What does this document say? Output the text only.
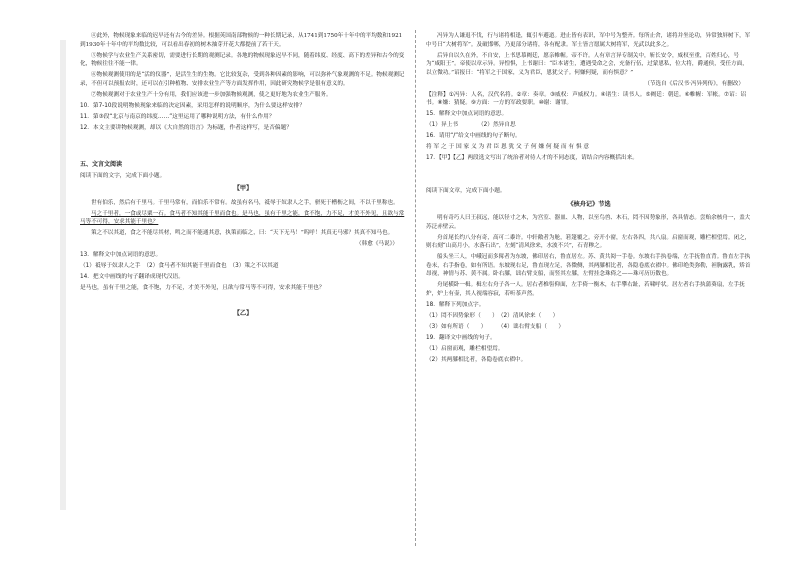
④此外，物候现象来临的迟早还有古今的差异。根据英国南部物候的一种长期记录，从1741到1750年十年中的平均数和1921到1930年十年中的平均数比较，可以看出春初的树木抽芽开花大都提前了若干天。

⑤物候学与农业生产关系密切，需要进行长期的观测记录。各地的物候现象迟早不同，随着纬度、经度、高下的差异和古今的变化，物候往往不能一律。

⑥物候观测使用的是“活的仪器”，是活生生的生物。它比较复杂，受到各种因素的影响，可以弥补气象观测的不足。物候观测记录，不但可以预报农时，还可以在引种植物、安排农业生产等方面发挥作用，因此研究物候学是很有意义的。

⑦物候观测对于农业生产十分有用，我们应该进一步加强物候观测，使之更好地为农业生产服务。

10．第7-10段说明物候现象来临的决定因素，采用怎样的说明顺序，为什么要这样安排？

11．第③段“北京与南京的纬度……”这里运用了哪种说明方法，有什么作用？

12．本文主要讲物候观测，却以《大自然的语言》为标题，作者这样写，是否偏题？

五、文言文阅读

阅读下面的文字，完成下面小题。

【甲】

世有伯乐，然后有千里马。千里马常有，而伯乐不常有。故虽有名马，祗辱于奴隶人之手，骈死于槽枥之间，不以千里称也。

马之千里者，一食或尽粟一石。食马者不知其能千里而食也。是马也，虽有千里之能，食不饱，力不足，才美不外见，且欲与常马等不可得，安求其能千里也？

策之不以其道，食之不能尽其材，鸣之而不能通其意，执策而临之，曰：“天下无马！”呜呼！其真无马邪？其真不知马也。

（韩愈《马说》）

13．解释文中加点词语的意思。

（1）祗辱于奴隶人之手　（2）食马者不知其能千里而食也　（3）策之不以其道

14．把文中画线的句子翻译成现代汉语。

是马也，虽有千里之能，食不饱，力不足，才美不外见，且欲与常马等不可得，安求其能千里也？

【乙】

冯异为人谦退不伐，行与诸将相逢，辄引车避道。进止皆有表识，军中号为整齐。每所止舍，诸将并坐论功，异常独屏树下，军中号曰“大树将军”。及破邯郸，乃更部分诸将，各有配隶。军士皆言愿属大树将军，光武以此多之。

后异自以久在外，不自安，上书思慕阙廷，愿亲帷幄。帝不许。人有章言异专制关中，斩长安令，威权至重，百姓归心，号为“咸阳王”。帝使以章示异。异惶惧，上书谢曰：“臣本诸生，遭遇受命之会，充备行伍，过蒙恩私，位大将，爵通侯，受任方面，以立微功。”诏报曰：“将军之于国家，义为君臣，恩犹父子。何嫌何疑，而有惧意？”

（节选自《后汉书·冯异列传》，有删改）

【注释】①冯异：人名，汉代名将。②章：奏章。③威权：声威权力。④诸生：读书人。⑤阙廷：朝廷。⑥帷幄：军帐。⑦诏：诏书。⑧嫌：猜疑。⑨方面：一方的军政要职。⑩谢：谢罪。

15．解释文中加点词语的意思。

（1）异上书　　　　（2）然异自思

16．请用“/”给文中画线的句子断句。

将 军 之 于 国 家 义 为 君 臣 恩 犹 父 子 何 嫌 何 疑 而 有 惧 意

17．【甲】【乙】两段选文写出了统治者对待人才的不同态度，请结合内容概括出来。

阅读下面文章，完成下面小题。

《核舟记》节选

明有奇巧人曰王叔远，能以径寸之木，为宫室、器皿、人物，以至鸟兽、木石，罔不因势象形，各具情态。尝贻余核舟一，盖大苏泛赤壁云。

舟首尾长约八分有奇，高可二黍许。中轩敞者为舱，箬篷覆之。旁开小窗，左右各四，共八扇。启窗而观，雕栏相望焉。闭之，则右刻“山高月小，水落石出”，左刻“清风徐来，水波不兴”，石青糁之。

船头坐三人，中峨冠而多髯者为东坡，佛印居右，鲁直居左。苏、黄共阅一手卷。东坡右手执卷端，左手抚鲁直背。鲁直左手执卷末，右手指卷，如有所语。东坡现右足，鲁直现左足，各微侧，其两膝相比者，各隐卷底衣褶中。佛印绝类弥勒，袒胸露乳，矫首昂视，神情与苏、黄不属。卧右膝，诎右臂支船，而竖其左膝，左臂挂念珠倚之——珠可历历数也。

舟尾横卧一楫。楫左右舟子各一人。居右者椎髻仰面，左手倚一衡木，右手攀右趾，若啸呼状。居左者右手执蒲葵扇，左手抚炉，炉上有壶，其人视端容寂，若听茶声然。

18．解释下列加点字。

（1）罔不因势象形（　　）　（2）清风徐来（　　）

（3）如有所语（　　）　　　（4）诎右臂支船（　　）

19．翻译文中画线的句子。

（1）启窗而观，雕栏相望焉。

（2）其两膝相比者，各隐卷底衣褶中。
